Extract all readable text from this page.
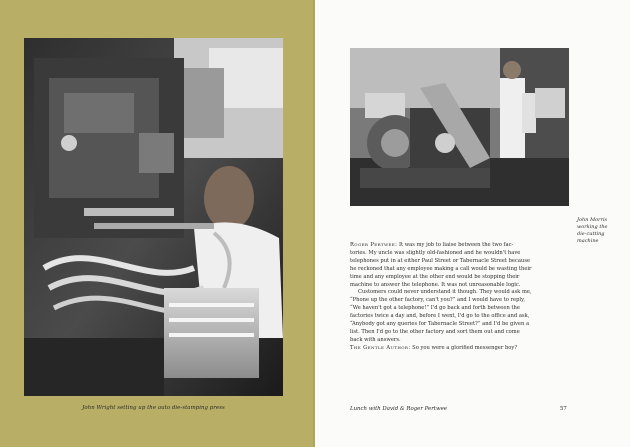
John Wright setting up the auto die-stamping press
John Morris working the
die-cutting machine

Roger Pertwee: It was my job to liaise between the two fac-
tories. My uncle was slightly old-fashioned and he wouldn't have
telephones put in at either Paul Street or Tabernacle Street because
he reckoned that any employee making a call would be wasting their
time and any employee at the other end would be stopping their
machine to answer the telephone. It was not unreasonable logic.

Customers could never understand it though. They would ask me,
“Phone up the other factory, can't you?” and I would have to reply,
“We haven't got a telephone!” I'd go back and forth between the
factories twice a day and, before I went, I'd go to the office and ask,
“Anybody got any queries for Tabernacle Street?” and I'd be given a
list. Then I'd go to the other factory and sort them out and come
back with answers.

The Gentle Author: So you were a glorified messenger boy?

Lunch with David & Roger Pertwee	57
